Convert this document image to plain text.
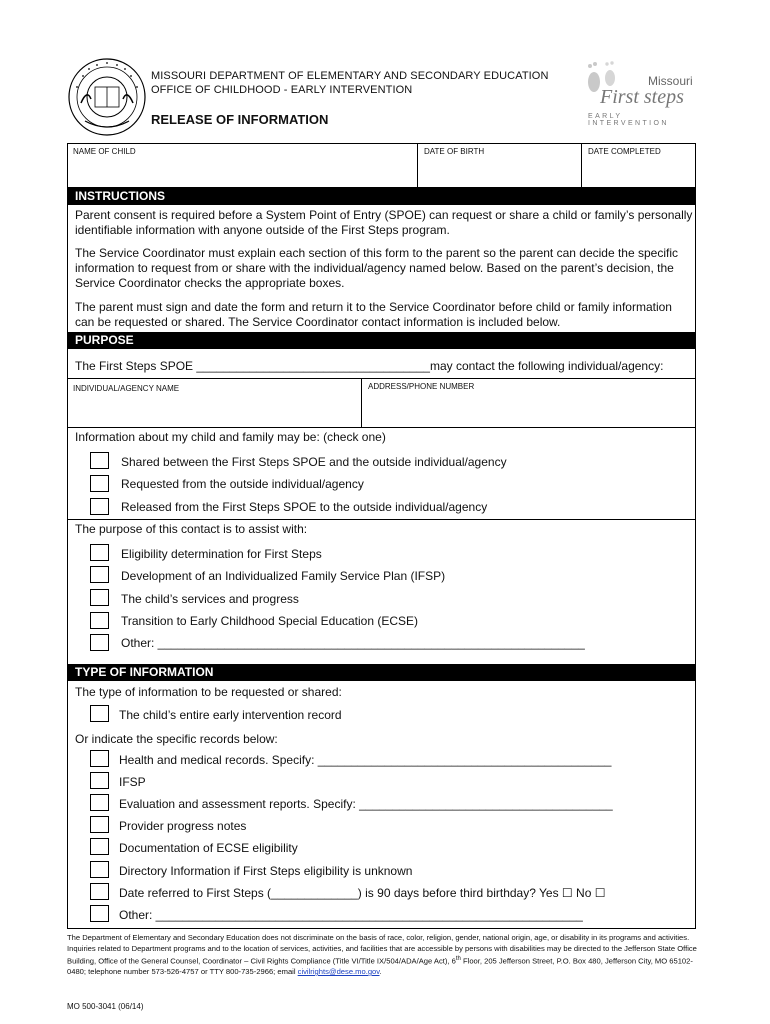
MISSOURI DEPARTMENT OF ELEMENTARY AND SECONDARY EDUCATION
OFFICE OF CHILDHOOD - EARLY INTERVENTION
RELEASE OF INFORMATION
Missouri
First steps
EARLY INTERVENTION
NAME OF CHILD	DATE OF BIRTH	DATE COMPLETED
INSTRUCTIONS
Parent consent is required before a System Point of Entry (SPOE) can request or share a child or family’s personally identifiable information with anyone outside of the First Steps program.
The Service Coordinator must explain each section of this form to the parent so the parent can decide the specific information to request from or share with the individual/agency named below. Based on the parent’s decision, the Service Coordinator checks the appropriate boxes.
The parent must sign and date the form and return it to the Service Coordinator before child or family information can be requested or shared. The Service Coordinator contact information is included below.
PURPOSE
The First Steps SPOE ___________________________________may contact the following individual/agency:
INDIVIDUAL/AGENCY NAME	ADDRESS/PHONE NUMBER
Information about my child and family may be: (check one)
Shared between the First Steps SPOE and the outside individual/agency
Requested from the outside individual/agency
Released from the First Steps SPOE to the outside individual/agency
The purpose of this contact is to assist with:
Eligibility determination for First Steps
Development of an Individualized Family Service Plan (IFSP)
The child’s services and progress
Transition to Early Childhood Special Education (ECSE)
Other: ________________________________________________________________
TYPE OF INFORMATION
The type of information to be requested or shared:
The child’s entire early intervention record
Or indicate the specific records below:
Health and medical records. Specify: ____________________________________________
IFSP
Evaluation and assessment reports. Specify: ______________________________________
Provider progress notes
Documentation of ECSE eligibility
Directory Information if First Steps eligibility is unknown
Date referred to First Steps (_____________) is 90 days before third birthday? Yes ☐ No ☐
Other: ________________________________________________________________
The Department of Elementary and Secondary Education does not discriminate on the basis of race, color, religion, gender, national origin, age, or disability in its programs and activities. Inquiries related to Department programs and to the location of services, activities, and facilities that are accessible by persons with disabilities may be directed to the Jefferson State Office Building, Office of the General Counsel, Coordinator – Civil Rights Compliance (Title VI/Title IX/504/ADA/Age Act), 6th Floor, 205 Jefferson Street, P.O. Box 480, Jefferson City, MO 65102-0480; telephone number 573-526-4757 or TTY 800-735-2966; email civilrights@dese.mo.gov.
MO 500-3041 (06/14)
